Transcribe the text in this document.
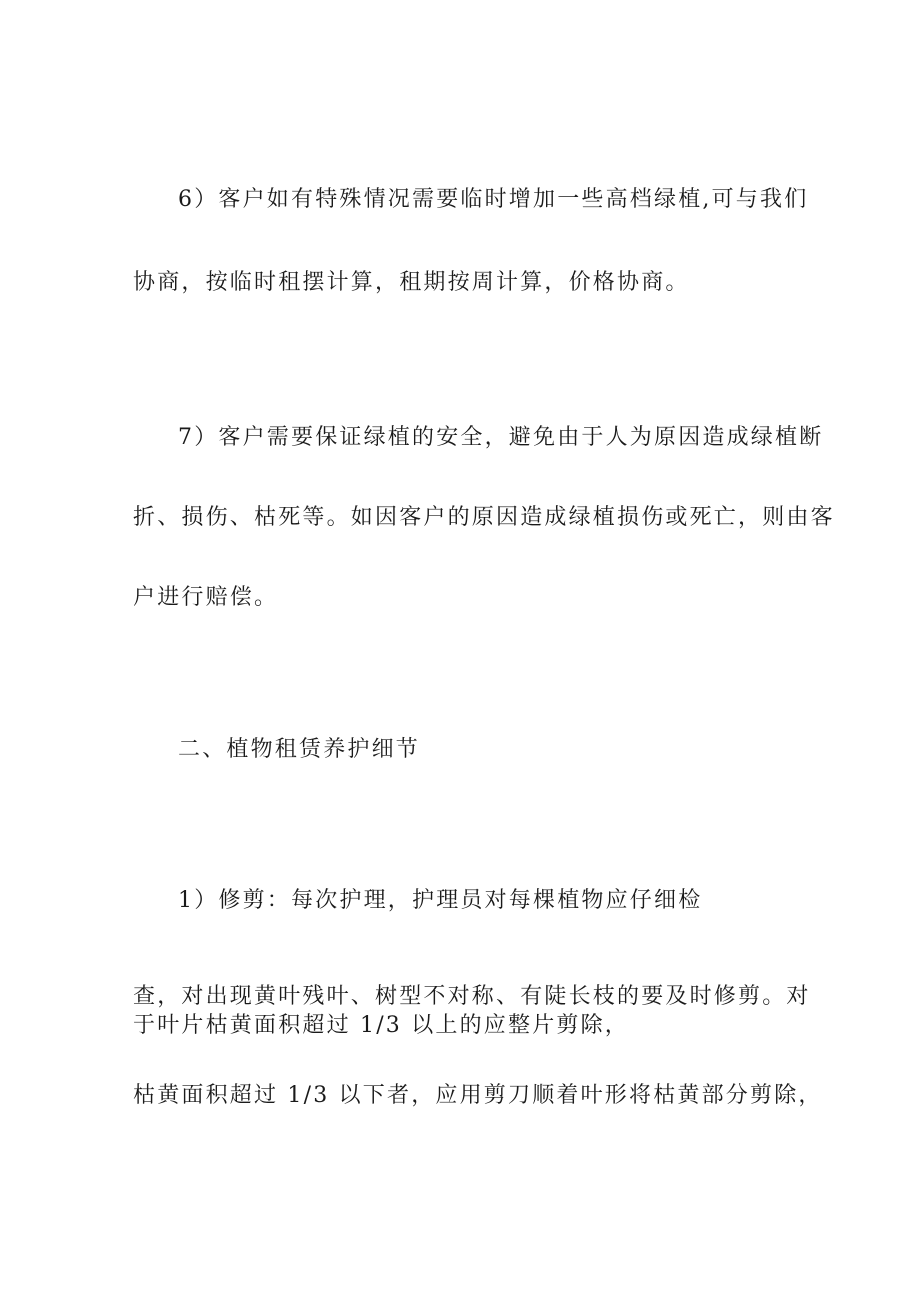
6）客户如有特殊情况需要临时增加一些高档绿植,可与我们
协商，按临时租摆计算，租期按周计算，价格协商。
7）客户需要保证绿植的安全，避免由于人为原因造成绿植断
折、损伤、枯死等。如因客户的原因造成绿植损伤或死亡，则由客
户进行赔偿。
二、植物租赁养护细节
1）修剪：每次护理，护理员对每棵植物应仔细检
查，对出现黄叶残叶、树型不对称、有陡长枝的要及时修剪。对
于叶片枯黄面积超过 1/3 以上的应整片剪除，
枯黄面积超过 1/3 以下者，应用剪刀顺着叶形将枯黄部分剪除，
